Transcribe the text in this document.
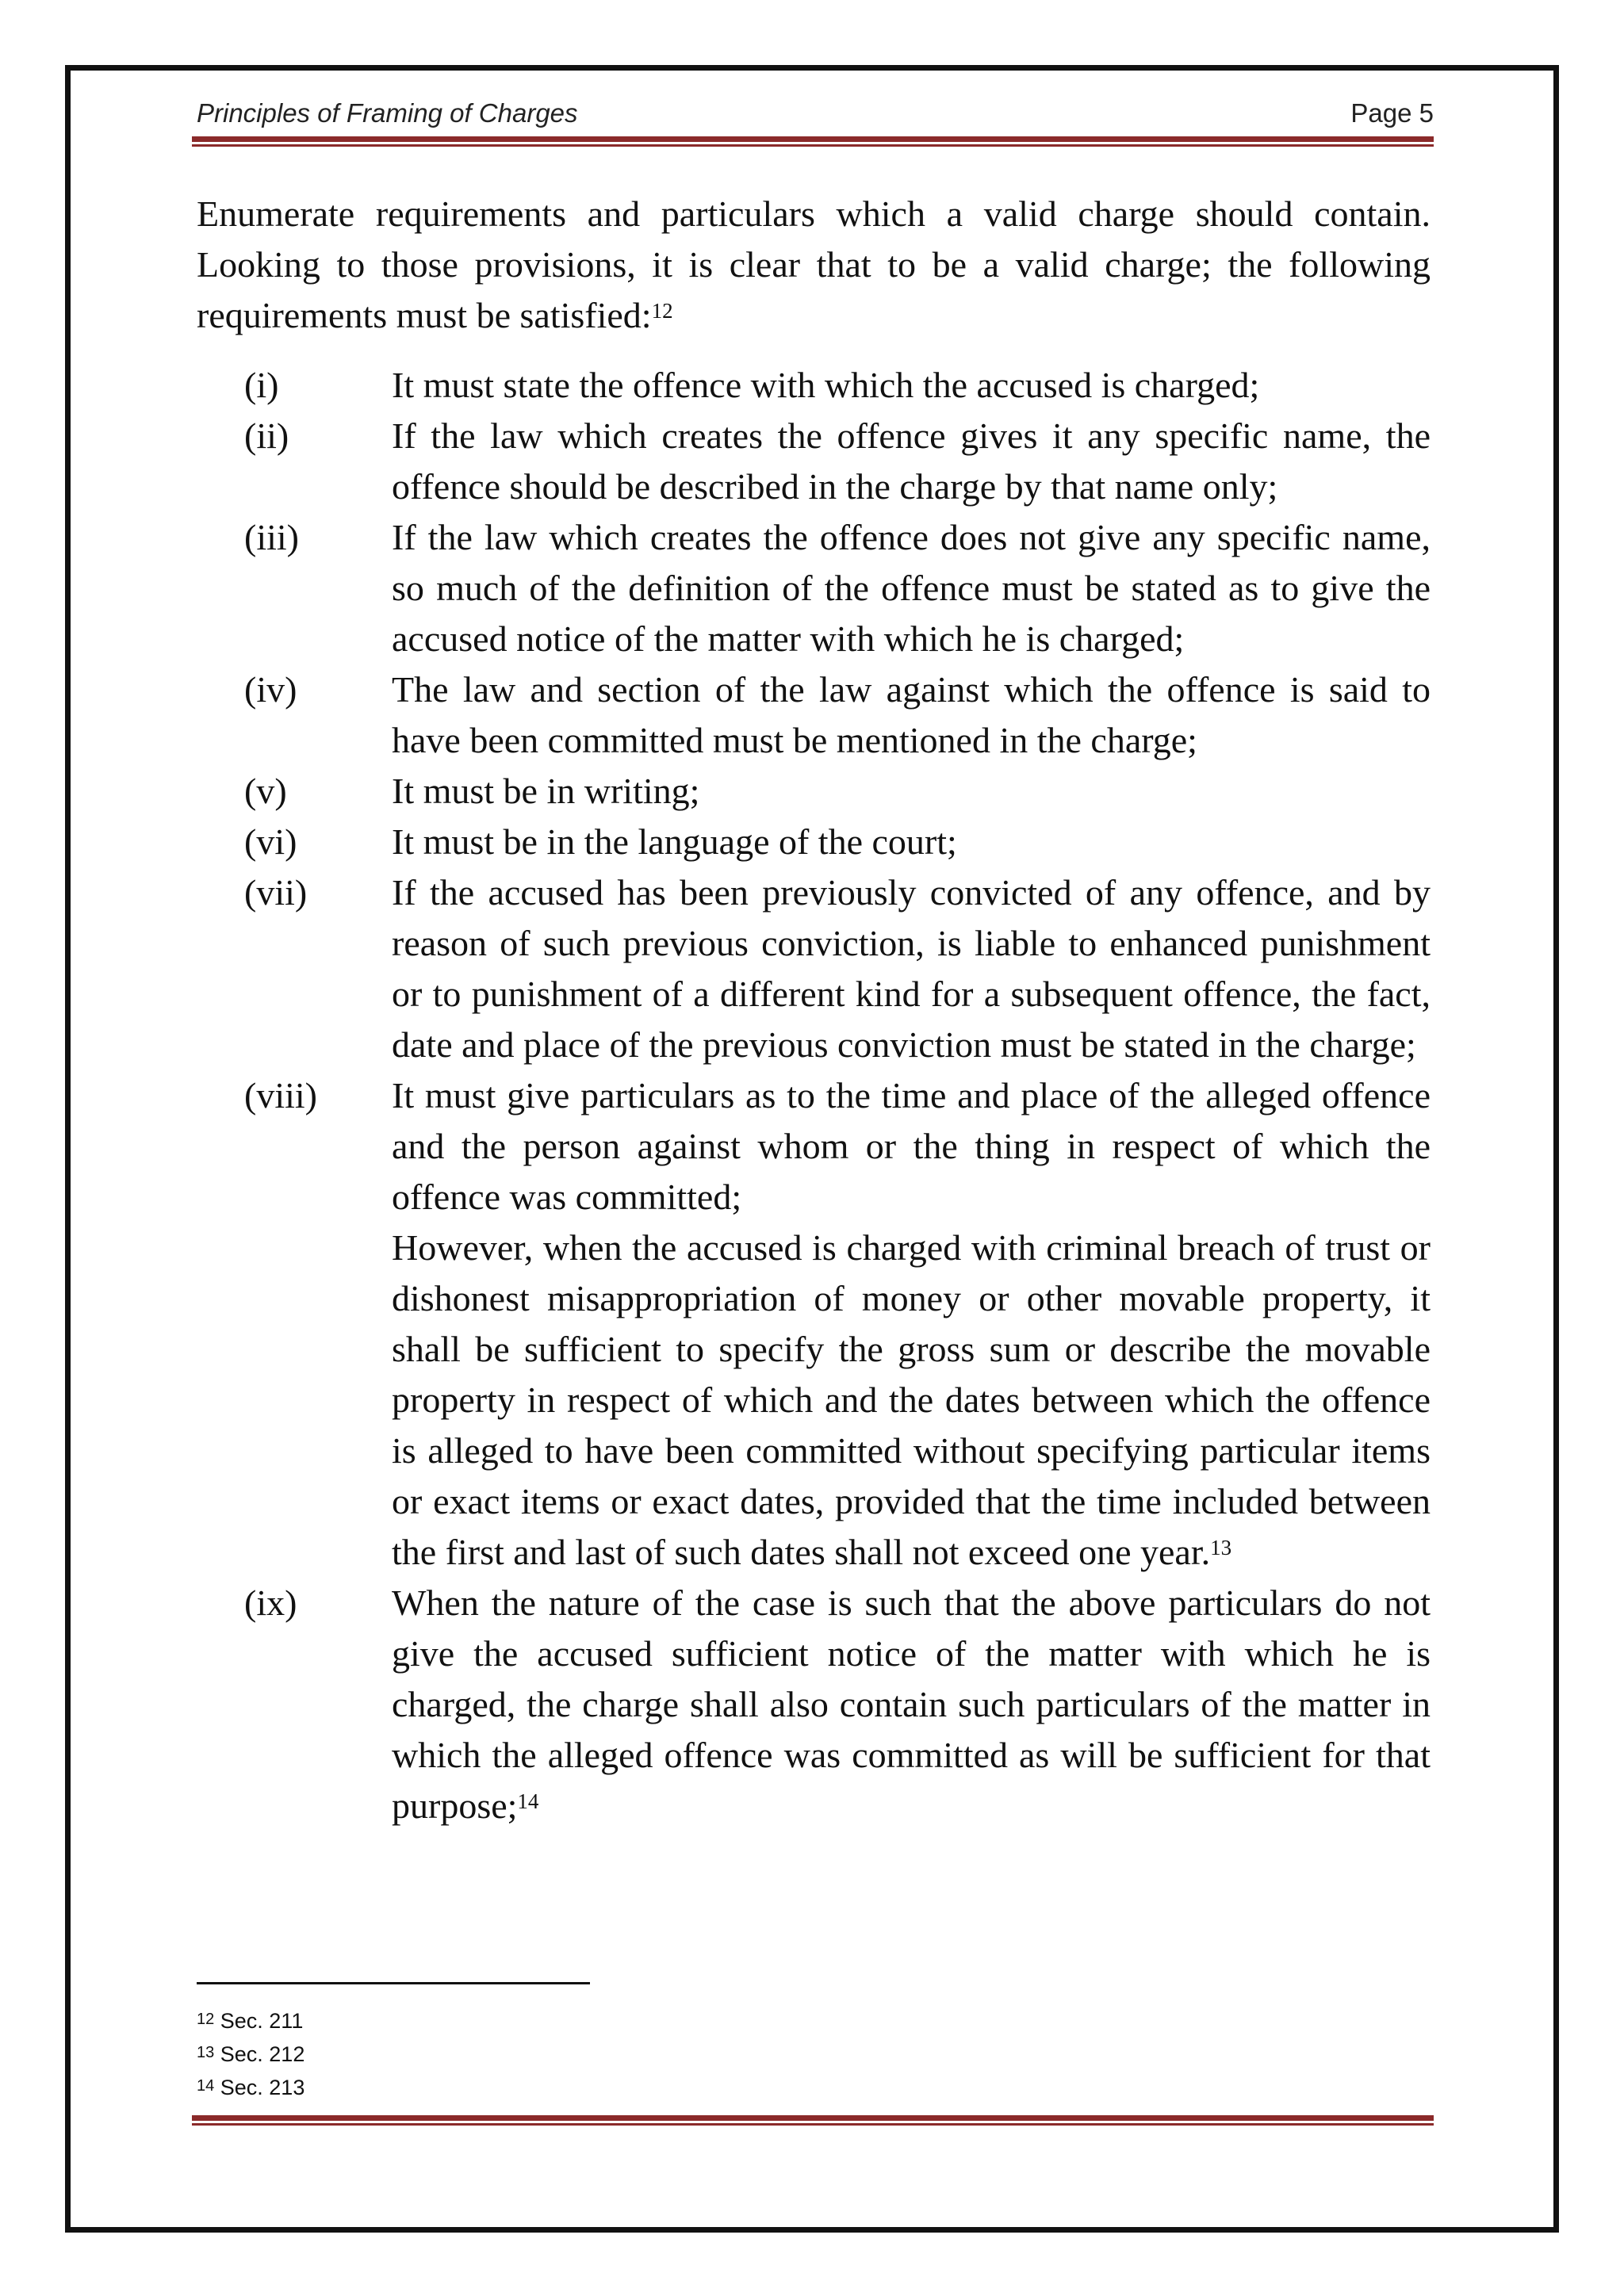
Principles of Framing of Charges	Page 5

Enumerate requirements and particulars which a valid charge should contain. Looking to those provisions, it is clear that to be a valid charge; the following requirements must be satisfied:$^{12}$

(i)	It must state the offence with which the accused is charged;

(ii)	If the law which creates the offence gives it any specific name, the offence should be described in the charge by that name only;

(iii)	If the law which creates the offence does not give any specific name, so much of the definition of the offence must be stated as to give the accused notice of the matter with which he is charged;

(iv)	The law and section of the law against which the offence is said to have been committed must be mentioned in the charge;

(v)	It must be in writing;

(vi)	It must be in the language of the court;

(vii) If the accused has been previously convicted of any offence, and by reason of such previous conviction, is liable to enhanced punishment or to punishment of a different kind for a subsequent offence, the fact, date and place of the previous conviction must be stated in the charge;

(viii) It must give particulars as to the time and place of the alleged offence and the person against whom or the thing in respect of which the offence was committed;

However, when the accused is charged with criminal breach of trust or dishonest misappropriation of money or other movable property, it shall be sufficient to specify the gross sum or describe the movable property in respect of which and the dates between which the offence is alleged to have been committed without specifying particular items or exact items or exact dates, provided that the time included between the first and last of such dates shall not exceed one year.$^{13}$

(ix)	When the nature of the case is such that the above particulars do not give the accused sufficient notice of the matter with which he is charged, the charge shall also contain such particulars of the matter in which the alleged offence was committed as will be sufficient for that purpose;$^{14}$

$^{12}$ Sec. 211
$^{13}$ Sec. 212
$^{14}$ Sec. 213
